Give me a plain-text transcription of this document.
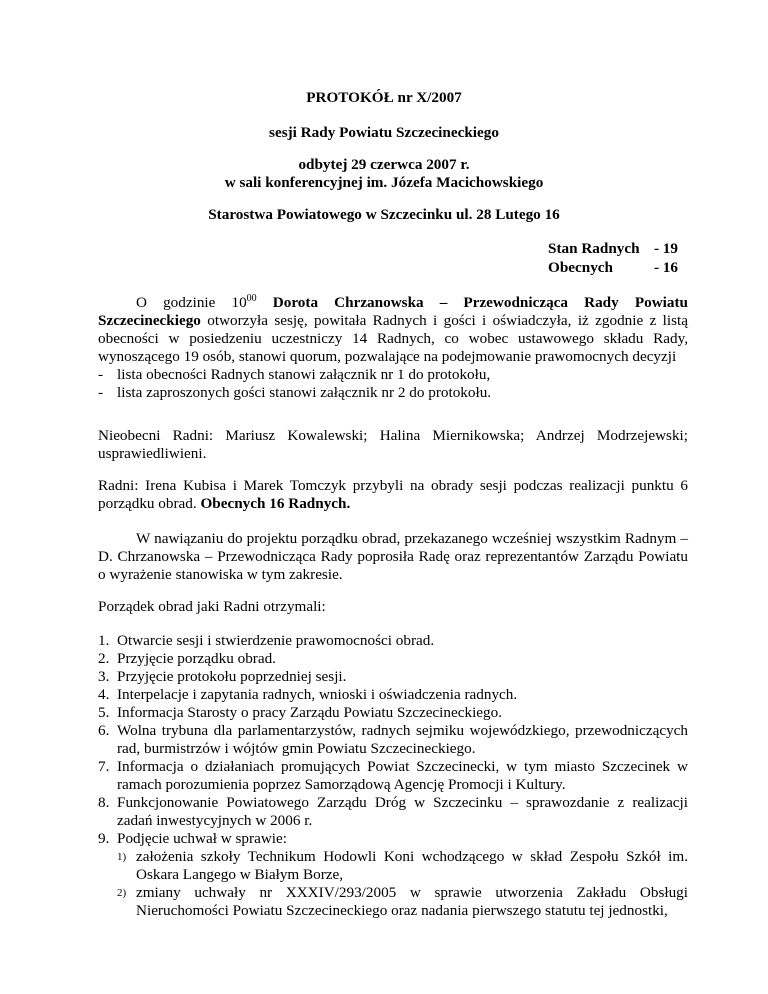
PROTOKÓŁ nr X/2007
sesji Rady Powiatu Szczecineckiego
odbytej 29 czerwca 2007 r.
w sali konferencyjnej im. Józefa Macichowskiego
Starostwa Powiatowego w Szczecinku ul. 28 Lutego 16
Stan Radnych - 19
Obecnych	- 16
O godzinie $10^{00}$ Dorota Chrzanowska – Przewodnicząca Rady Powiatu Szczecineckiego otworzyła sesję, powitała Radnych i gości i oświadczyła, iż zgodnie z listą obecności w posiedzeniu uczestniczy 14 Radnych, co wobec ustawowego składu Rady, wynoszącego 19 osób, stanowi quorum, pozwalające na podejmowanie prawomocnych decyzji
- lista obecności Radnych stanowi załącznik nr 1 do protokołu,
- lista zaproszonych gości stanowi załącznik nr 2 do protokołu.
Nieobecni Radni: Mariusz Kowalewski; Halina Miernikowska; Andrzej Modrzejewski; usprawiedliwieni.
Radni: Irena Kubisa i Marek Tomczyk przybyli na obrady sesji podczas realizacji punktu 6 porządku obrad. Obecnych 16 Radnych.
W nawiązaniu do projektu porządku obrad, przekazanego wcześniej wszystkim Radnym – D. Chrzanowska – Przewodnicząca Rady poprosiła Radę oraz reprezentantów Zarządu Powiatu o wyrażenie stanowiska w tym zakresie.
Porządek obrad jaki Radni otrzymali:
1. Otwarcie sesji i stwierdzenie prawomocności obrad.
2. Przyjęcie porządku obrad.
3. Przyjęcie protokołu poprzedniej sesji.
4. Interpelacje i zapytania radnych, wnioski i oświadczenia radnych.
5. Informacja Starosty o pracy Zarządu Powiatu Szczecineckiego.
6. Wolna trybuna dla parlamentarzystów, radnych sejmiku wojewódzkiego, przewodniczących rad, burmistrzów i wójtów gmin Powiatu Szczecineckiego.
7. Informacja o działaniach promujących Powiat Szczecinecki, w tym miasto Szczecinek w ramach porozumienia poprzez Samorządową Agencję Promocji i Kultury.
8. Funkcjonowanie Powiatowego Zarządu Dróg w Szczecinku – sprawozdanie z realizacji zadań inwestycyjnych w 2006 r.
9. Podjęcie uchwał w sprawie:
1) założenia szkoły Technikum Hodowli Koni wchodzącego w skład Zespołu Szkół im. Oskara Langego w Białym Borze,
2) zmiany uchwały nr XXXIV/293/2005 w sprawie utworzenia Zakładu Obsługi Nieruchomości Powiatu Szczecineckiego oraz nadania pierwszego statutu tej jednostki,
